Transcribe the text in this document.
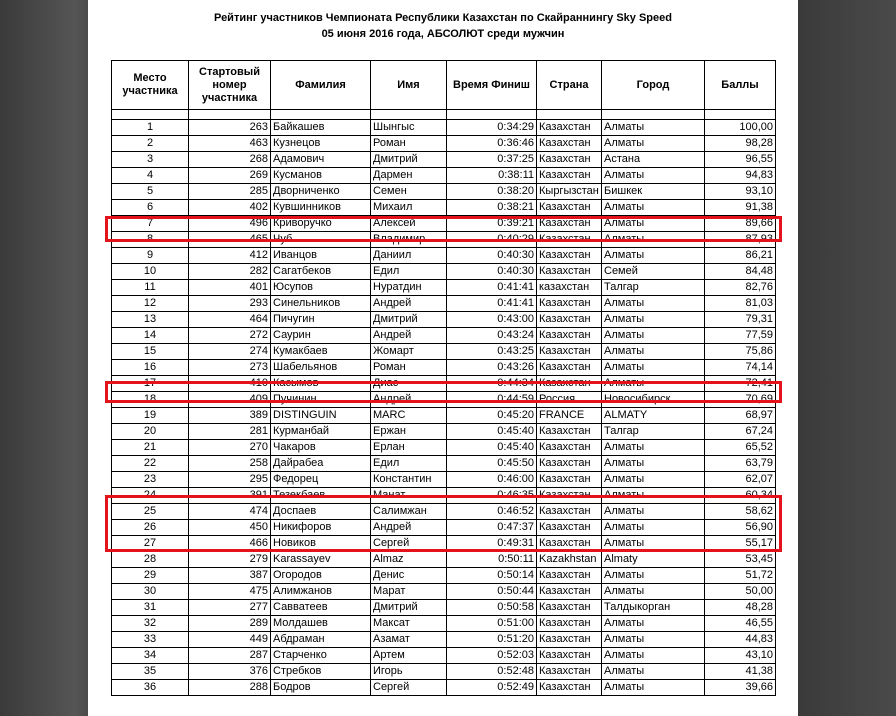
Рейтинг участников Чемпионата Республики Казахстан по Скайраннингу Sky Speed
05 июня 2016 года, АБСОЛЮТ среди мужчин
Место участника	Стартовый номер участника	Фамилия	Имя	Время Финиш	Страна	Город	Баллы

1	263	Байкашев	Шынгыс	0:34:29	Казахстан	Алматы	100,00
2	463	Кузнецов	Роман	0:36:46	Казахстан	Алматы	98,28
3	268	Адамович	Дмитрий	0:37:25	Казахстан	Астана	96,55
4	269	Кусманов	Дармен	0:38:11	Казахстан	Алматы	94,83
5	285	Дворниченко	Семен	0:38:20	Кыргызстан	Бишкек	93,10
6	402	Кувшинников	Михаил	0:38:21	Казахстан	Алматы	91,38
7	496	Криворучко	Алексей	0:39:21	Казахстан	Алматы	89,66
8	465	Чуб	Владимир	0:40:29	Казахстан	Алматы	87,93
9	412	Иванцов	Даниил	0:40:30	Казахстан	Алматы	86,21
10	282	Сагатбеков	Едил	0:40:30	Казахстан	Семей	84,48
11	401	Юсупов	Нуратдин	0:41:41	казахстан	Талгар	82,76
12	293	Синельников	Андрей	0:41:41	Казахстан	Алматы	81,03
13	464	Пичугин	Дмитрий	0:43:00	Казахстан	Алматы	79,31
14	272	Саурин	Андрей	0:43:24	Казахстан	Алматы	77,59
15	274	Кумакбаев	Жомарт	0:43:25	Казахстан	Алматы	75,86
16	273	Шабельянов	Роман	0:43:26	Казахстан	Алматы	74,14
17	410	Касымов	Диас	0:44:34	Казахстан	Алматы	72,41
18	409	Пучинин	Андрей	0:44:59	Россия	Новосибирск	70,69
19	389	DISTINGUIN	MARC	0:45:20	FRANCE	ALMATY	68,97
20	281	Курманбай	Ержан	0:45:40	Казахстан	Талгар	67,24
21	270	Чакаров	Ерлан	0:45:40	Казахстан	Алматы	65,52
22	258	Дайрабеа	Едил	0:45:50	Казахстан	Алматы	63,79
23	295	Федорец	Константин	0:46:00	Казахстан	Алматы	62,07
24	391	Тезекбаев	Манат	0:46:35	Казахстан	Алматы	60,34
25	474	Доспаев	Салимжан	0:46:52	Казахстан	Алматы	58,62
26	450	Никифоров	Андрей	0:47:37	Казахстан	Алматы	56,90
27	466	Новиков	Сергей	0:49:31	Казахстан	Алматы	55,17
28	279	Karassayev	Almaz	0:50:11	Kazakhstan	Almaty	53,45
29	387	Огородов	Денис	0:50:14	Казахстан	Алматы	51,72
30	475	Алимжанов	Марат	0:50:44	Казахстан	Алматы	50,00
31	277	Савватеев	Дмитрий	0:50:58	Казахстан	Талдыкорган	48,28
32	289	Молдашев	Максат	0:51:00	Казахстан	Алматы	46,55
33	449	Абдраман	Азамат	0:51:20	Казахстан	Алматы	44,83
34	287	Старченко	Артем	0:52:03	Казахстан	Алматы	43,10
35	376	Стребков	Игорь	0:52:48	Казахстан	Алматы	41,38
36	288	Бодров	Сергей	0:52:49	Казахстан	Алматы	39,66
